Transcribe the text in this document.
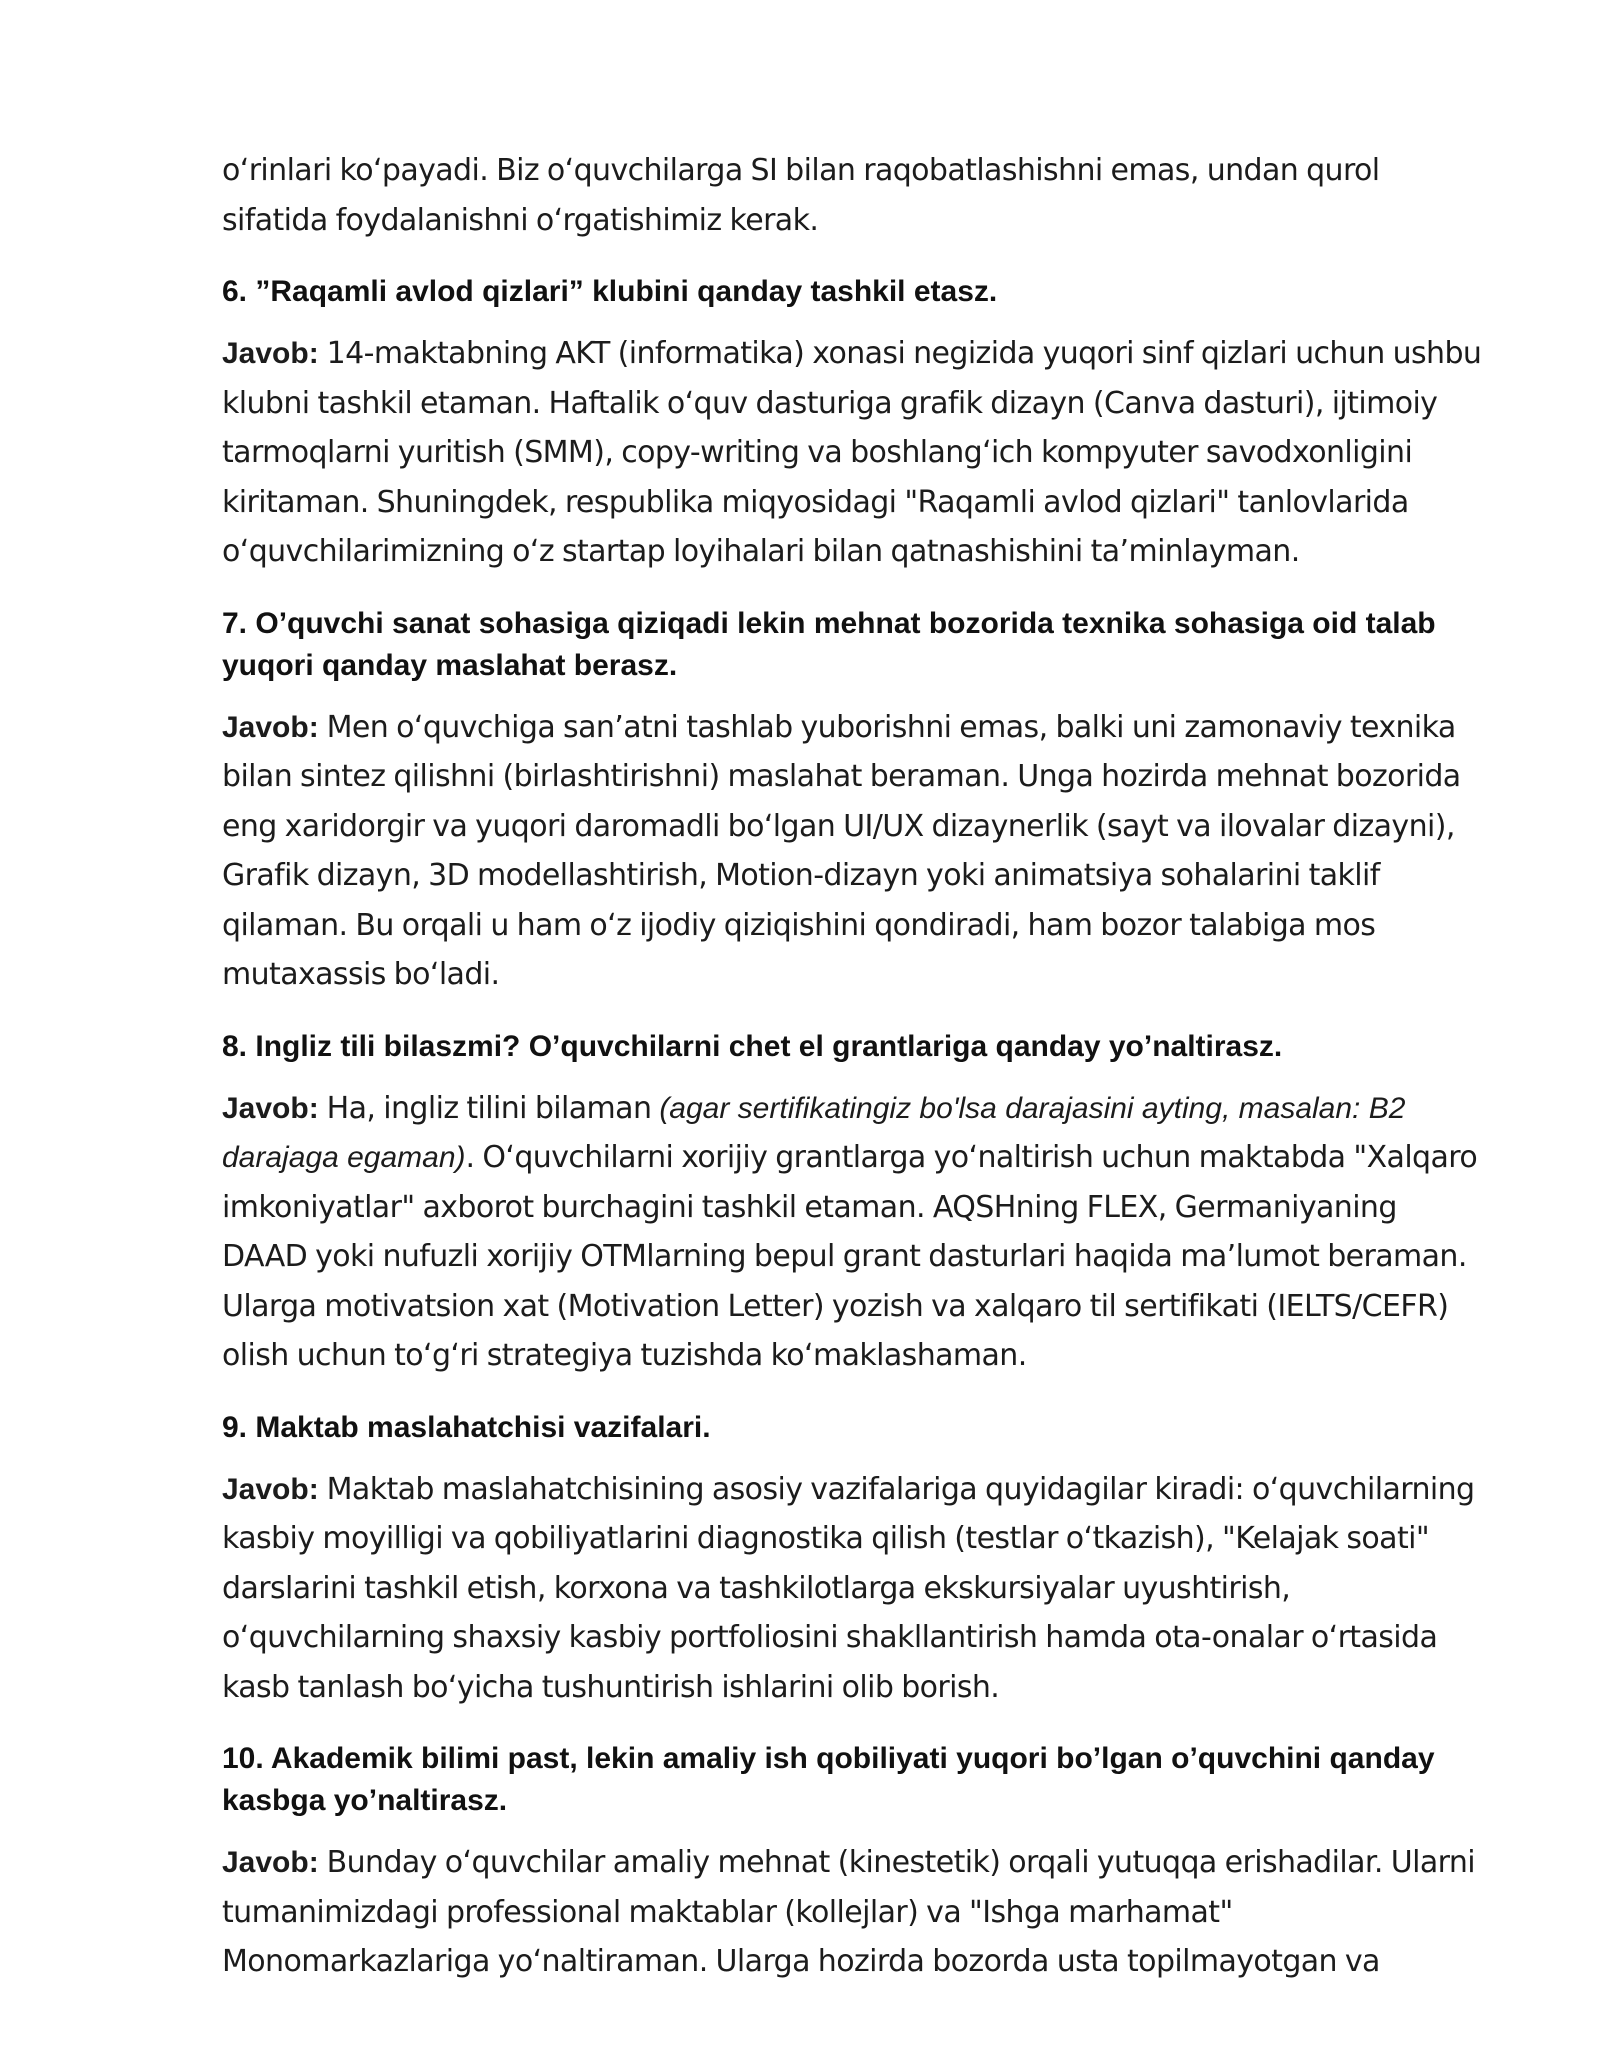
o‘rinlari ko‘payadi. Biz o‘quvchilarga SI bilan raqobatlashishni emas, undan qurol sifatida foydalanishni o‘rgatishimiz kerak.

6. ”Raqamli avlod qizlari” klubini qanday tashkil etasz.

Javob: 14-maktabning AKT (informatika) xonasi negizida yuqori sinf qizlari uchun ushbu klubni tashkil etaman. Haftalik o‘quv dasturiga grafik dizayn (Canva dasturi), ijtimoiy tarmoqlarni yuritish (SMM), copy-writing va boshlang‘ich kompyuter savodxonligini kiritaman. Shuningdek, respublika miqyosidagi "Raqamli avlod qizlari" tanlovlarida o‘quvchilarimizning o‘z startap loyihalari bilan qatnashishini ta’minlayman.

7. O’quvchi sanat sohasiga qiziqadi lekin mehnat bozorida texnika sohasiga oid talab yuqori qanday maslahat berasz.

Javob: Men o‘quvchiga san’atni tashlab yuborishni emas, balki uni zamonaviy texnika bilan sintez qilishni (birlashtirishni) maslahat beraman. Unga hozirda mehnat bozorida eng xaridorgir va yuqori daromadli bo‘lgan UI/UX dizaynerlik (sayt va ilovalar dizayni), Grafik dizayn, 3D modellashtirish, Motion-dizayn yoki animatsiya sohalarini taklif qilaman. Bu orqali u ham o‘z ijodiy qiziqishini qondiradi, ham bozor talabiga mos mutaxassis bo‘ladi.

8. Ingliz tili bilaszmi? O’quvchilarni chet el grantlariga qanday yo’naltirasz.

Javob: Ha, ingliz tilini bilaman (agar sertifikatingiz bo'lsa darajasini ayting, masalan: B2 darajaga egaman). O‘quvchilarni xorijiy grantlarga yo‘naltirish uchun maktabda "Xalqaro imkoniyatlar" axborot burchagini tashkil etaman. AQSHning FLEX, Germaniyaning DAAD yoki nufuzli xorijiy OTMlarning bepul grant dasturlari haqida ma’lumot beraman. Ularga motivatsion xat (Motivation Letter) yozish va xalqaro til sertifikati (IELTS/CEFR) olish uchun to‘g‘ri strategiya tuzishda ko‘maklashaman.

9. Maktab maslahatchisi vazifalari.

Javob: Maktab maslahatchisining asosiy vazifalariga quyidagilar kiradi: o‘quvchilarning kasbiy moyilligi va qobiliyatlarini diagnostika qilish (testlar o‘tkazish), "Kelajak soati" darslarini tashkil etish, korxona va tashkilotlarga ekskursiyalar uyushtirish, o‘quvchilarning shaxsiy kasbiy portfoliosini shakllantirish hamda ota-onalar o‘rtasida kasb tanlash bo‘yicha tushuntirish ishlarini olib borish.

10. Akademik bilimi past, lekin amaliy ish qobiliyati yuqori bo’lgan o’quvchini qanday kasbga yo’naltirasz.

Javob: Bunday o‘quvchilar amaliy mehnat (kinestetik) orqali yutuqqa erishadilar. Ularni tumanimizdagi professional maktablar (kollejlar) va "Ishga marhamat" Monomarkazlariga yo‘naltiraman. Ularga hozirda bozorda usta topilmayotgan va
